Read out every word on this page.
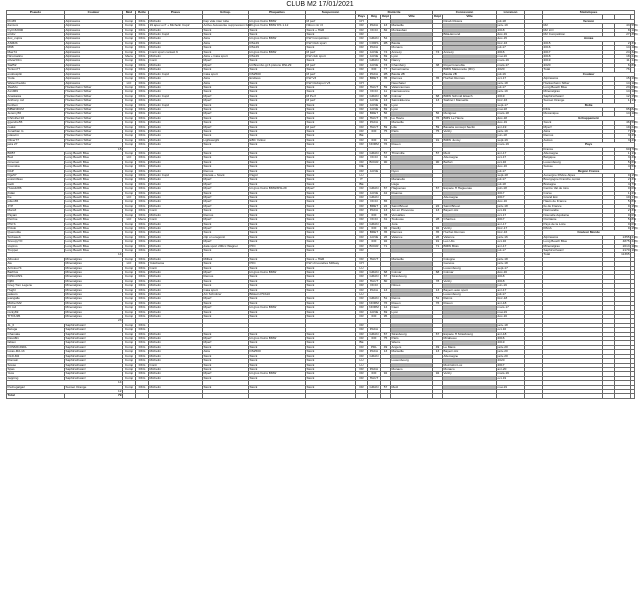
CLUB M2 17/01/2021
Pseudo	Couleur	Mod	Boîte	Pneus	Echap.	Plaquettes	Suspension	Domicile				Concession		Livraison		Statistiques			
								Pays	Rég	Dépt	Ville	Dépt	Ville						
bfm65	Alpinweiss	Comp	DKG	Michelin	Fap vide inter tube	kit gros freins BMW	M perf	CH					Dinab Riviera	juil-18		Version			
damvxx	Alpinweiss	Comp	DKG	19 apex ev7 + Michelin Cup2	Active Autowerke suppression FAP	kit gros freins BMW DS 1.12	Nitron ntr r3	FR	PACA	13	Marseille			janv-19		M2		43	55%
Cyril 82000	Alpinweiss	Comp	DKG	Michelin	Stock	Stock	Stock + H&R	FR	OCCI	82	Montauban			2018		M2 LCI		8	10%
ericliv	Alpinweiss	Comp	DKG	Michelin Cup2	Stock	Stock	Stock	FR					Bilia-Emond	déc-19		M2 Compétition		27	35%
doc_cupra	Alpinweiss	Comp	DKG	Michelin	Akra	kit gros freins BMW	KW Compétition	FR	GRAN	54				déc-15		Année			
ASM2b	Alpinweiss	Comp	DKG	Michelin	Akra	RSL29	KW Club sport	FR	CORS	2B	Bastia			févr-16		2015		2	3%
M98	Alpinweiss	Comp	DKG	Michelin	Stock	RSL29	Stock	FR	PACA		Monaco			juil-17		2016		14	18%
Max74	Alpinweiss	Comp	DKG	Conti sport contact 6	Stock	kit gros freins BMW	M perf	FR	AUVE	74	Annecy	74	Annecy	2016		2017		24	32%
Nicomatico	Alpinweiss	Meca	DKG	Michelin	Akra + Cata sport	RSL29	KW club sport	FR	AUVE	69	Lyon			mai-16		2018		18	24%
olivier04m	Alpinweiss	Comp	DKG	Conti	Mperf	Stock	Stock	FR	GRAN	54	Nancy			mars-19		2019		11	14%
Staf52	Alpinweiss	Comp	DKG	Michelin	Mperf	kit Brembo gt 6 pistons RSL29	M perf	FR	AUVE	73	Chambéry	38	Royal Grenoble	mars-17		2020		6	8%
Tonton77	Alpinweiss	Comp	DKG	Michelin	Stock	Stock	Stock	FR	IDF	77	Seine/marne		BMW Maisonette (RC)	2020		Total		76	
evoltosplin	Alpinweiss	Comp	DKG	Michelin Cup2	Cata sport	DS2500	M perf	FR	PACA	2B	Bastia 2B		Bastia 2B	juil-16		Couleur			
Yoda	Alpinweiss	Comp	DKG	Michelin	Akra	Endless	KW V3	FR	BRET	35	Rennes	35	Huchet Rennes	oct-17		Alpinweiss		15	19%
Watercheddo	Alpinweiss	LCI	DKG	Michelin	Akra	Stock	KW Clubsport V3	CH			Neuchatel			janv-18		Hockenheim Silber		14	18%
JfasMu	Hockenheim Silber	Comp	DKG	Michelin	Stock	Stock	Stock	FR	HAUT	59	Valenciennes			juil-17		Long Beach Blue		23	29%
Ax1969	Hockenheim Silber	Comp	DKG	Michelin	Stock	Stock	Stock	FR	OCCI	11	Carcassonne			janv-19		Mineralgrau		14	18%
Anastasia	Hockenheim Silber	Comp	DKG	Michelin Cup2	Mperf	Stock	M Perf	FR	GRAN	68	Colmar	68	BMW Schmid Elsach	2019		Saphirschwarz		12	15%
Anthony m2	Hockenheim Silber	Comp	DKG	Michelin	Mperf	Stock	M perf	FR	AUVE	13	Saint-Etienne	13	Stahrel I Marseille	févr-16		Sunset Orange		1	1%
benben	Hockenheim Silber	Comp	DKG	Michelin Cup2	Stock	Stock	Stock	FR	AUVE	69	Lyon			sept-17		Boîte			
BIBENDUM	Hockenheim Silber	Comp	DKG	Michelin	Stock	Stock	Stock	FR	AUVE	69	Lyon			mai-18		DKG		65	82%
Jeremy56	Hockenheim Silber	Comp	DKG	Michelin	Mperf	Stock	Stock	FR	BRET	56		56	Mérignac	mars-18		Mécanique		14	18%
Christhel.93	Hockenheim Silber	Comp	DKG	Michelin	Stock	Stock	Stock	FR	HAUT	76	Le Havre	76	BMS Le Havre	déc-18		Echappement			
ggendre55	Hockenheim Silber	Comp	DKG	Michelin	Stock	Stock	Stock	FR	PACA		Marseille			déc-19		Stock		46	59%
coakk	Hockenheim Silber	Comp	DKG	Michelin	Mperf	Stock	M perf	FR	HAUT	59	Lille	59	Bavaria concept Seclin	avr-19		Mperf		19	24%
Jonathan G	Hockenheim Silber	Comp	DKG	Michelin	Stock	Stock	Stock	FR	IDF	75	Paris	75	Velizy	janv-19		Akra		7	9%
julasvnn	Hockenheim Silber	Comp	DKG	Michelin	Stock	Stock	Stock	BE						juin-18		Remus		3	4%
Oliver77	Hockenheim Silber	Comp	DKG	Michelin	Lightweight	EBC Yellow	Stock	FR	IDF	91		91	BMW Juvisy	sept-16		Autres		3	4%
jaza 27	Hockenheim Silber	Comp	DKG	Michelin	Stock	Stock	Stock	FR	NORM	76	Rouen			mars-19		Pays			
15																France		60	76%
BD57	Long Beach Blue	Comp	DKG	Michelin	Stock	Stock	Stock	FR	GRAN	57	Thionville	57	Metz	avr-17		Allemagne		1	1%
Bud	Long Beach Blue	LCI	DKG	Michelin	Stock	Stock	Stock	FR	OCCI	34			Allemagne	oct-17		Belgique		3	4%
ccnemet	Long Beach Blue	Comp	DKG	Michelin	Stock	Stock	Stock	FR	BOUR	90		90	Belfort	oct-16		Luxembourg		5	6%
Cosmika	Long Beach Blue	Comp	DKG	Michelin	Stock	Stock	Stock	DE						déc-16		Suisse		4	5%
DAP	Long Beach Blue	Comp	DKG	Michelin	Remus	Stock	Stock	FR	AUVE		Nyon			juil-17		Région France			
Dge57	Long Beach Blue	Comp	DKG	Michelin Cup2	Décata + Stock	Pagid	Stock	LU						sept-18		Auvergne Rhône Alpes		9	15%
estornibiau	Long Beach Blue	Comp	DKG	Michelin	Mperf	Stock	Stock	IT			Maranello			juil-17		Bourgogne Franche comté		2	3%
Gelti	Long Beach Blue	Comp	DKG	Michelin	Mperf	Stock	Stock	BE			Liège			juil-18		Bretagne		4	7%
Huss4286	Long Beach Blue	Comp	DKG	Michelin	Mperf	kit gros freins BMW/RSL29	Mperf	FR	GRAN	67	Haguenau	67	Espace H Haguenau	juin-18		Centre Val de loire		0	0%
jhdan	Long Beach Blue	Comp	DKG	Michelin	Stock	Stock	Stock	FR	AUVE	42	Roanne			2017		Corse		1	2%
ibe	Long Beach Blue	LCI	DKG	Michelin	Mperf	Stock	Stock	FR	GRAN				Allemagne	2017		Grand Est		10	17%
julien65	Long Beach Blue	Comp	DKG	Michelin	Mperf	Stock	Stock	FR	OCCI	65				déc-16		Hauts de France		5	8%
JYP	Long Beach Blue	Comp	DKG	Michelin	Mperf	Stock	Stock	FR	BRET	22	Saint Brieuc	22	Saint Brieuc	janv-18		Ile de France		9	15%
MarcZ	Long Beach Blue	Comp	DKG	Conti	Stock	Stock	Stock	FR	PACA	13	Aix en Provence	13	Bayern Aix	oct-19		Normandie		2	3%
Payam	Long Beach Blue	Comp	DKG	Michelin	Remus	Stock	Stock	FR	IDF	78	Versailles			oct-17		Nouvelle Aquitaine		0	0%
Perrine	Long Beach Blue	LCI	Meca	Conti	Mperf	Stock	Stock	FR	OCCI	31	Toulouse	28	Chartres	2017		Occitanie		5	8%
Phil S	Long Beach Blue	Comp	DKG	Michelin	Stock	Stock	Stock	FR	GRAN		Jura			avr-17		Pays de la Loire		0	0%
Pololo	Long Beach Blue	Comp	DKG	Michelin	Mperf	Stock	Stock	FR	IDF	92	Neuilly	92	Velizy	févr-17		PACA		9	15%
Quenottte	Long Beach Blue	Comp	DKG	Michelin	Stock	Stock	Stock	FR	BRET	35	Rennes	35	Huchet Rennes	févr-16		Couleur Monde			
Smbaseb	Long Beach Blue	Comp	DKG	Michelin	clip on eragonic	Stock	Stock	FR	AUVE	26	Valence	26	Valence	janv-16		Alpinweiss		2355	21%
SnoopyYO	Long Beach Blue	Comp	DKG	Michelin	Mperf	Stock	Stock	FR	IDF	92		91	Les Ulis	oct-16		Long Beach Blue		4875	43%
stopino	Long Beach Blue	Comp	DKG	Michelin	data sport 200cc Wagner	PFC	Stock	FR	BOUR	71		71	BMW Blois	avr-17		Mineralgrau		2013	18%
Troppet	Long Beach Blue	Comp	DKG	Michelin	Stock	Stock	Stock	FR						juil-17		Saphirschwarz		2170	19%
14																Total		11365	
Albouiut	Mineralgrau	Comp	DKG	Michelin	Milltek	Stock	Stock + H&R	FR	HAUT		Marseille		Cologne	janv-18					
Ale	Mineralgrau	LCI	DKG	Yokohama	Stock	PFC	KW v3 tourelles Millway	CH					Genève	janv-18					
Arrivlou74	Mineralgrau	Comp	DKG	Conti	Stock	Stock	Stock	LU					Luxembourg	sept-17					
BarFlus	Mineralgrau	Comp	DKG	Michelin	Mperf	kit gros freins BMW	Stock	FR	GRAN	68	Colmar	68	Colmar	déc-16					
DJSGUNS	Mineralgrau	Comp	DKG	Michelin	Remus	Stock	Stock	FR	GRAN	67	Strasbourg			2018					
Dj80	Mineralgrau	Comp	DKG	Michelin	Stock	Stock	Stock	FR	HAUT	80		78	Velizy	2018					
Greg Tom Legenu	Mineralgrau	Comp	DKG	Michelin	Stock	Stock	Stock	FR	OCCI		Nîmes			juin-19					
Hughl	Mineralgrau	Comp	DKG	Michelin	Cata sport	Stock	Stock	FR	PACA	13		13	Bayern auto sport	avr-17					
jadeurs	Mineralgrau	Comp	DKG	Michelin	AC Schnitzer	Bilstein PSS10		LU					Luxembourg	juil-17					
jeangalle	Mineralgrau	Comp	DKG	Michelin	Mperf	Stock	Stock	FR	GRAN	51	Reims	51	Reims	févr-18					
Michel M2	Mineralgrau	Comp	DKG	Michelin	Stock	Stock	Stock	FR	NORM	76	Rouen	76	Rouen	avr-18					
rhl m2	Mineralgrau	Comp	DKG	Michelin	Mperf	kit gros freins BMW	Stock	FR	NORM	14	Caen			mars-17					
rocky69	Mineralgrau	Comp	DKG	Michelin	Stock	Stock	Stock	FR	AUVE	69	Lyon			mai-19					
TITOU95	Mineralgrau	Comp	DKG	Michelin	Stock	Stock	Stock	FR	IDF	95				déc-16					
23																			
JL_II	Saphirschwarz	Comp	DKG					FR						janv-18					
Beluga	Saphirschwarz	Comp	DKG					FR	PACA					oct-16					
Chamala	Saphirschwarz	Comp	DKG	Michelin	Stock	Stock	Stock	FR	GRAN	67	Strasbourg	67	Espace H Strasbourg	avr-18					
David91	Saphirschwarz	Comp	DKG	Michelin	Mperf	kit gros freins BMW	Stock	FR	IDF	75	Paris		Mirabeau	2016					
fabien	Saphirschwarz	Comp	DKG	Michelin	Mperf	Stock	Stock	BE			Wavre			2019					
KOSMIC49DL	Saphirschwarz	Comp	DKG	Michelin	Stock	Stock	Stock	FR	PDL	49	Angers	49	Le Mans	janv-20					
lucas-M2-13	Saphirschwarz	Comp	DKG	Michelin	Akra	DS2500	Stock	FR	PACA	13	Marseille	13	Bayern Aix	janv-20					
OLD-M2	Saphirschwarz	Comp	DKG	Michelin	Stock	Stock	Stock	FR	GRAN				Allemagne	janv-20					
Romain	Saphirschwarz	Comp	DKG	Michelin	Stock	Stock	Stock	LU			Luxembourg			2020					
Sosso	Saphirschwarz	Comp	DKG	Conti	Stock	Stock	Stock	LU					Muzzolini Lux	2017					
Spas	Saphirschwarz	Comp	DKG	Michelin	Stock	Stock	Stock	FR	PACA		Monaco		Monaco	avr-20					
Yess	Saphirschwarz	Comp	DKG	Michelin	Mperf	kit gros freins BMW	Stock	FR	IDF	92		92	Velizy	mars-19					
zapping	Saphirschwarz	Comp	DKG	Michelin	Stock	Stock	Stock	FR	HAUT					oct-19					
14																			
Pedrogalgaz	Sunset Orange	Comp	DKG	Michelin	Stock	Stock	Stock	FR	GRAN	57	Metz			mai-19					
12																			
Total	79																		
